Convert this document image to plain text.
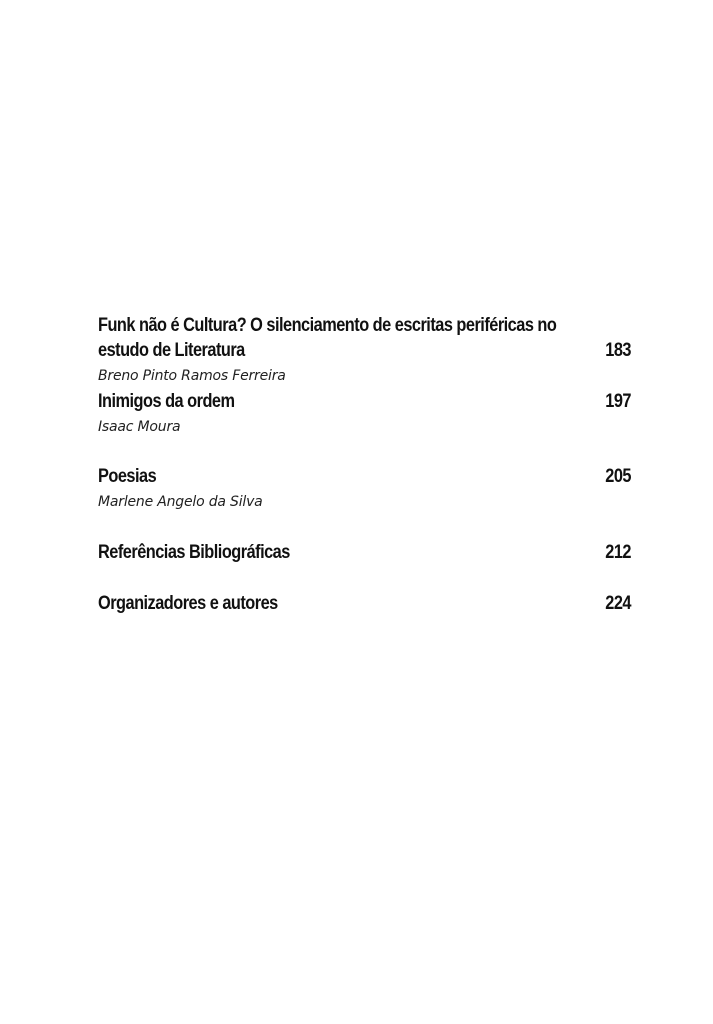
Funk não é Cultura? O silenciamento de escritas periféricas no
estudo de Literatura	183
Breno Pinto Ramos Ferreira
Inimigos da ordem	197
Isaac Moura
Poesias	205
Marlene Angelo da Silva
Referências Bibliográficas	212
Organizadores e autores	224
